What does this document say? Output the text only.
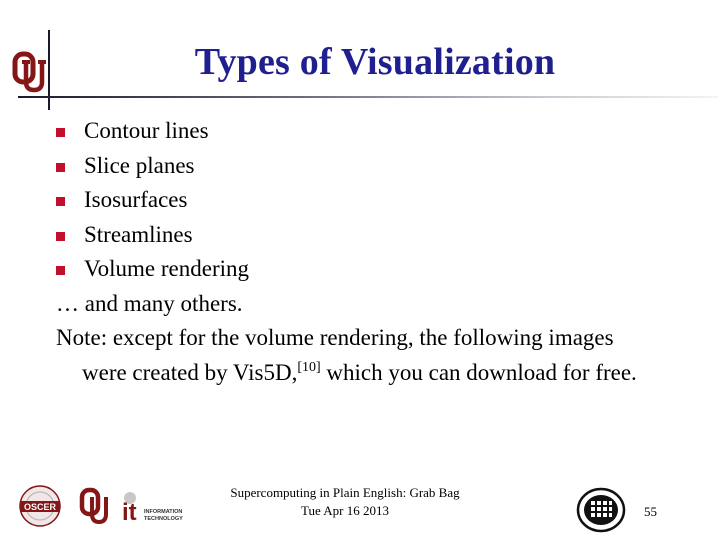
Types of Visualization
Contour lines
Slice planes
Isosurfaces
Streamlines
Volume rendering
… and many others.
Note: except for the volume rendering, the following images
were created by Vis5D,[10] which you can download for free.
OSCER	it INFORMATION
TECHNOLOGY
Supercomputing in Plain English: Grab Bag
Tue Apr 16 2013	55
